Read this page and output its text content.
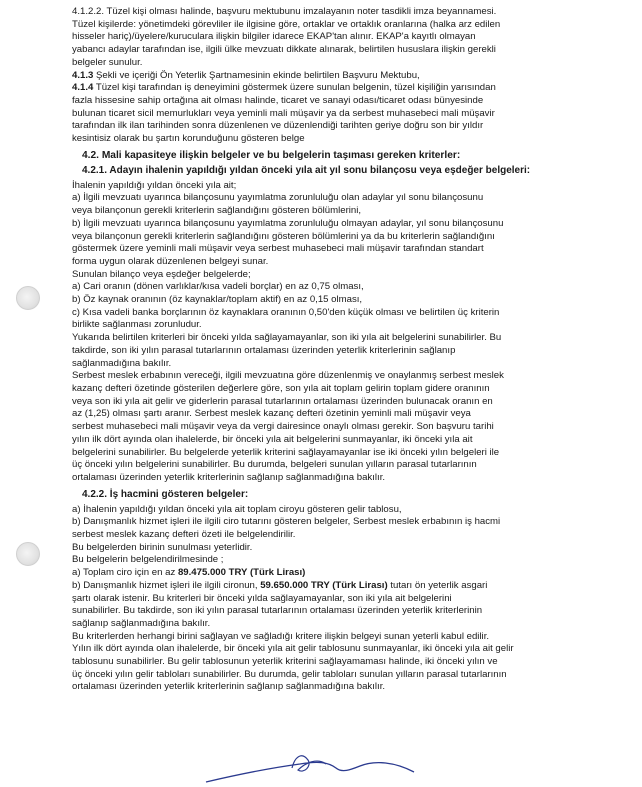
4.1.2.2. Tüzel kişi olması halinde, başvuru mektubunu imzalayanın noter tasdikli imza beyannamesi.

Tüzel kişilerde: yönetimdeki görevliler ile ilgisine göre, ortaklar ve ortaklık oranlarına (halka arz edilen

hisseler hariç)/üyelere/kuruculara ilişkin bilgiler idarece EKAP'tan alınır. EKAP'a kayıtlı olmayan

yabancı adaylar tarafından ise, ilgili ülke mevzuatı dikkate alınarak, belirtilen hususlara ilişkin gerekli

belgeler sunulur.

4.1.3 Şekli ve içeriği Ön Yeterlik Şartnamesinin ekinde belirtilen Başvuru Mektubu,

4.1.4 Tüzel kişi tarafından iş deneyimini göstermek üzere sunulan belgenin, tüzel kişiliğin yarısından

fazla hissesine sahip ortağına ait olması halinde, ticaret ve sanayi odası/ticaret odası bünyesinde

bulunan ticaret sicil memurlukları veya yeminli mali müşavir ya da serbest muhasebeci mali müşavir

tarafından ilk ilan tarihinden sonra düzenlenen ve düzenlendiği tarihten geriye doğru son bir yıldır

kesintisiz olarak bu şartın korunduğunu gösteren belge

4.2. Mali kapasiteye ilişkin belgeler ve bu belgelerin taşıması gereken kriterler:

4.2.1. Adayın ihalenin yapıldığı yıldan önceki yıla ait yıl sonu bilançosu veya eşdeğer belgeleri:

İhalenin yapıldığı yıldan önceki yıla ait;

a) İlgili mevzuatı uyarınca bilançosunu yayımlatma zorunluluğu olan adaylar yıl sonu bilançosunu

veya bilançonun gerekli kriterlerin sağlandığını gösteren bölümlerini,

b) İlgili mevzuatı uyarınca bilançosunu yayımlatma zorunluluğu olmayan adaylar, yıl sonu bilançosunu

veya bilançonun gerekli kriterlerin sağlandığını gösteren bölümlerini ya da bu kriterlerin sağlandığını

göstermek üzere yeminli mali müşavir veya serbest muhasebeci mali müşavir tarafından standart

forma uygun olarak düzenlenen belgeyi sunar.

Sunulan bilanço veya eşdeğer belgelerde;

a) Cari oranın (dönen varlıklar/kısa vadeli borçlar) en az 0,75 olması,

b) Öz kaynak oranının (öz kaynaklar/toplam aktif) en az 0,15 olması,

c) Kısa vadeli banka borçlarının öz kaynaklara oranının 0,50'den küçük olması ve belirtilen üç kriterin

birlikte sağlanması zorunludur.

Yukarıda belirtilen kriterleri bir önceki yılda sağlayamayanlar, son iki yıla ait belgelerini sunabilirler. Bu

takdirde, son iki yılın parasal tutarlarının ortalaması üzerinden yeterlik kriterlerinin sağlanıp

sağlanmadığına bakılır.

Serbest meslek erbabının vereceği, ilgili mevzuatına göre düzenlenmiş ve onaylanmış serbest meslek

kazanç defteri özetinde gösterilen değerlere göre, son yıla ait toplam gelirin toplam gidere oranının

veya son iki yıla ait gelir ve giderlerin parasal tutarlarının ortalaması üzerinden bulunacak oranın en

az (1,25) olması şartı aranır. Serbest meslek kazanç defteri özetinin yeminli mali müşavir veya

serbest muhasebeci mali müşavir veya da vergi dairesince onaylı olması gerekir. Son başvuru tarihi

yılın ilk dört ayında olan ihalelerde, bir önceki yıla ait belgelerini sunmayanlar, iki önceki yıla ait

belgelerini sunabilirler. Bu belgelerde yeterlik kriterini sağlayamayanlar ise iki önceki yılın belgeleri ile

üç önceki yılın belgelerini sunabilirler. Bu durumda, belgeleri sunulan yılların parasal tutarlarının

ortalaması üzerinden yeterlik kriterlerinin sağlanıp sağlanmadığına bakılır.

4.2.2. İş hacmini gösteren belgeler:

a) İhalenin yapıldığı yıldan önceki yıla ait toplam ciroyu gösteren gelir tablosu,

b) Danışmanlık hizmet işleri ile ilgili ciro tutarını gösteren belgeler, Serbest meslek erbabının iş hacmi

serbest meslek kazanç defteri özeti ile belgelendirilir.

Bu belgelerden birinin sunulması yeterlidir.

Bu belgelerin belgelendirilmesinde ;

a) Toplam ciro için en az 89.475.000 TRY (Türk Lirası)

b) Danışmanlık hizmet işleri ile ilgili cironun, 59.650.000 TRY (Türk Lirası) tutarı ön yeterlik asgari

şartı olarak istenir. Bu kriterleri bir önceki yılda sağlayamayanlar, son iki yıla ait belgelerini

sunabilirler. Bu takdirde, son iki yılın parasal tutarlarının ortalaması üzerinden yeterlik kriterlerinin

sağlanıp sağlanmadığına bakılır.

Bu kriterlerden herhangi birini sağlayan ve sağladığı kritere ilişkin belgeyi sunan yeterli kabul edilir.

Yılın ilk dört ayında olan ihalelerde, bir önceki yıla ait gelir tablosunu sunmayanlar, iki önceki yıla ait gelir

tablosunu sunabilirler. Bu gelir tablosunun yeterlik kriterini sağlayamaması halinde, iki önceki yılın ve

üç önceki yılın gelir tabloları sunabilirler. Bu durumda, gelir tabloları sunulan yılların parasal tutarlarının

ortalaması üzerinden yeterlik kriterlerinin sağlanıp sağlanmadığına bakılır.
